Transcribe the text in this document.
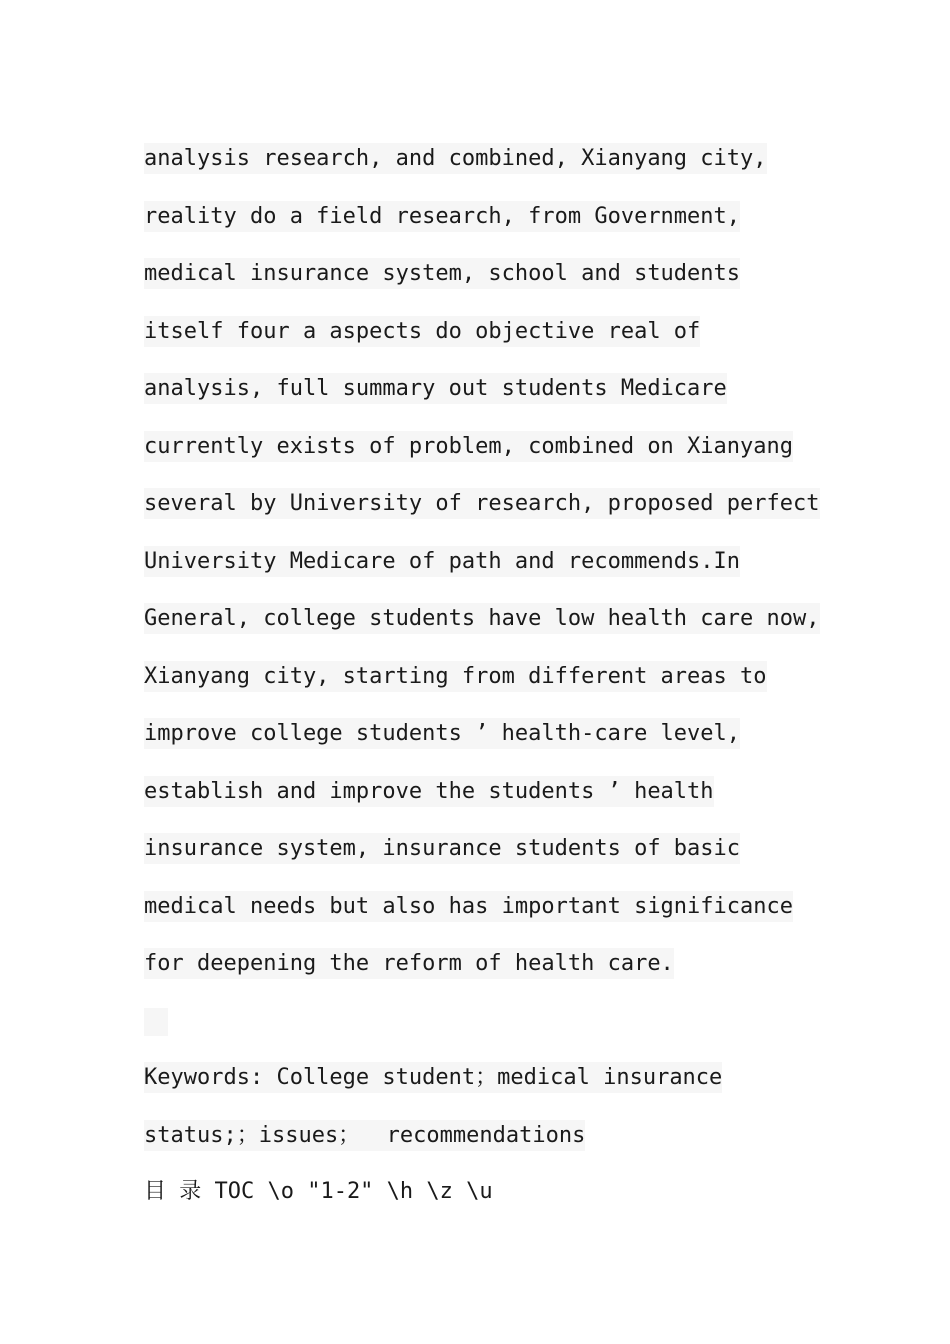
analysis research, and combined, Xianyang city,
reality do a field research, from Government,
medical insurance system, school and students
itself four a aspects do objective real of
analysis, full summary out students Medicare
currently exists of problem, combined on Xianyang
several by University of research, proposed perfect
University Medicare of path and recommends.In
General, college students have low health care now,
Xianyang city, starting from different areas to
improve college students ’ health-care level,
establish and improve the students ’ health
insurance system, insurance students of basic
medical needs but also has important significance
for deepening the reform of health care.
Keywords: College student；medical insurance
status;；issues；  recommendations
目 录 TOC \o "1-2" \h \z \u
